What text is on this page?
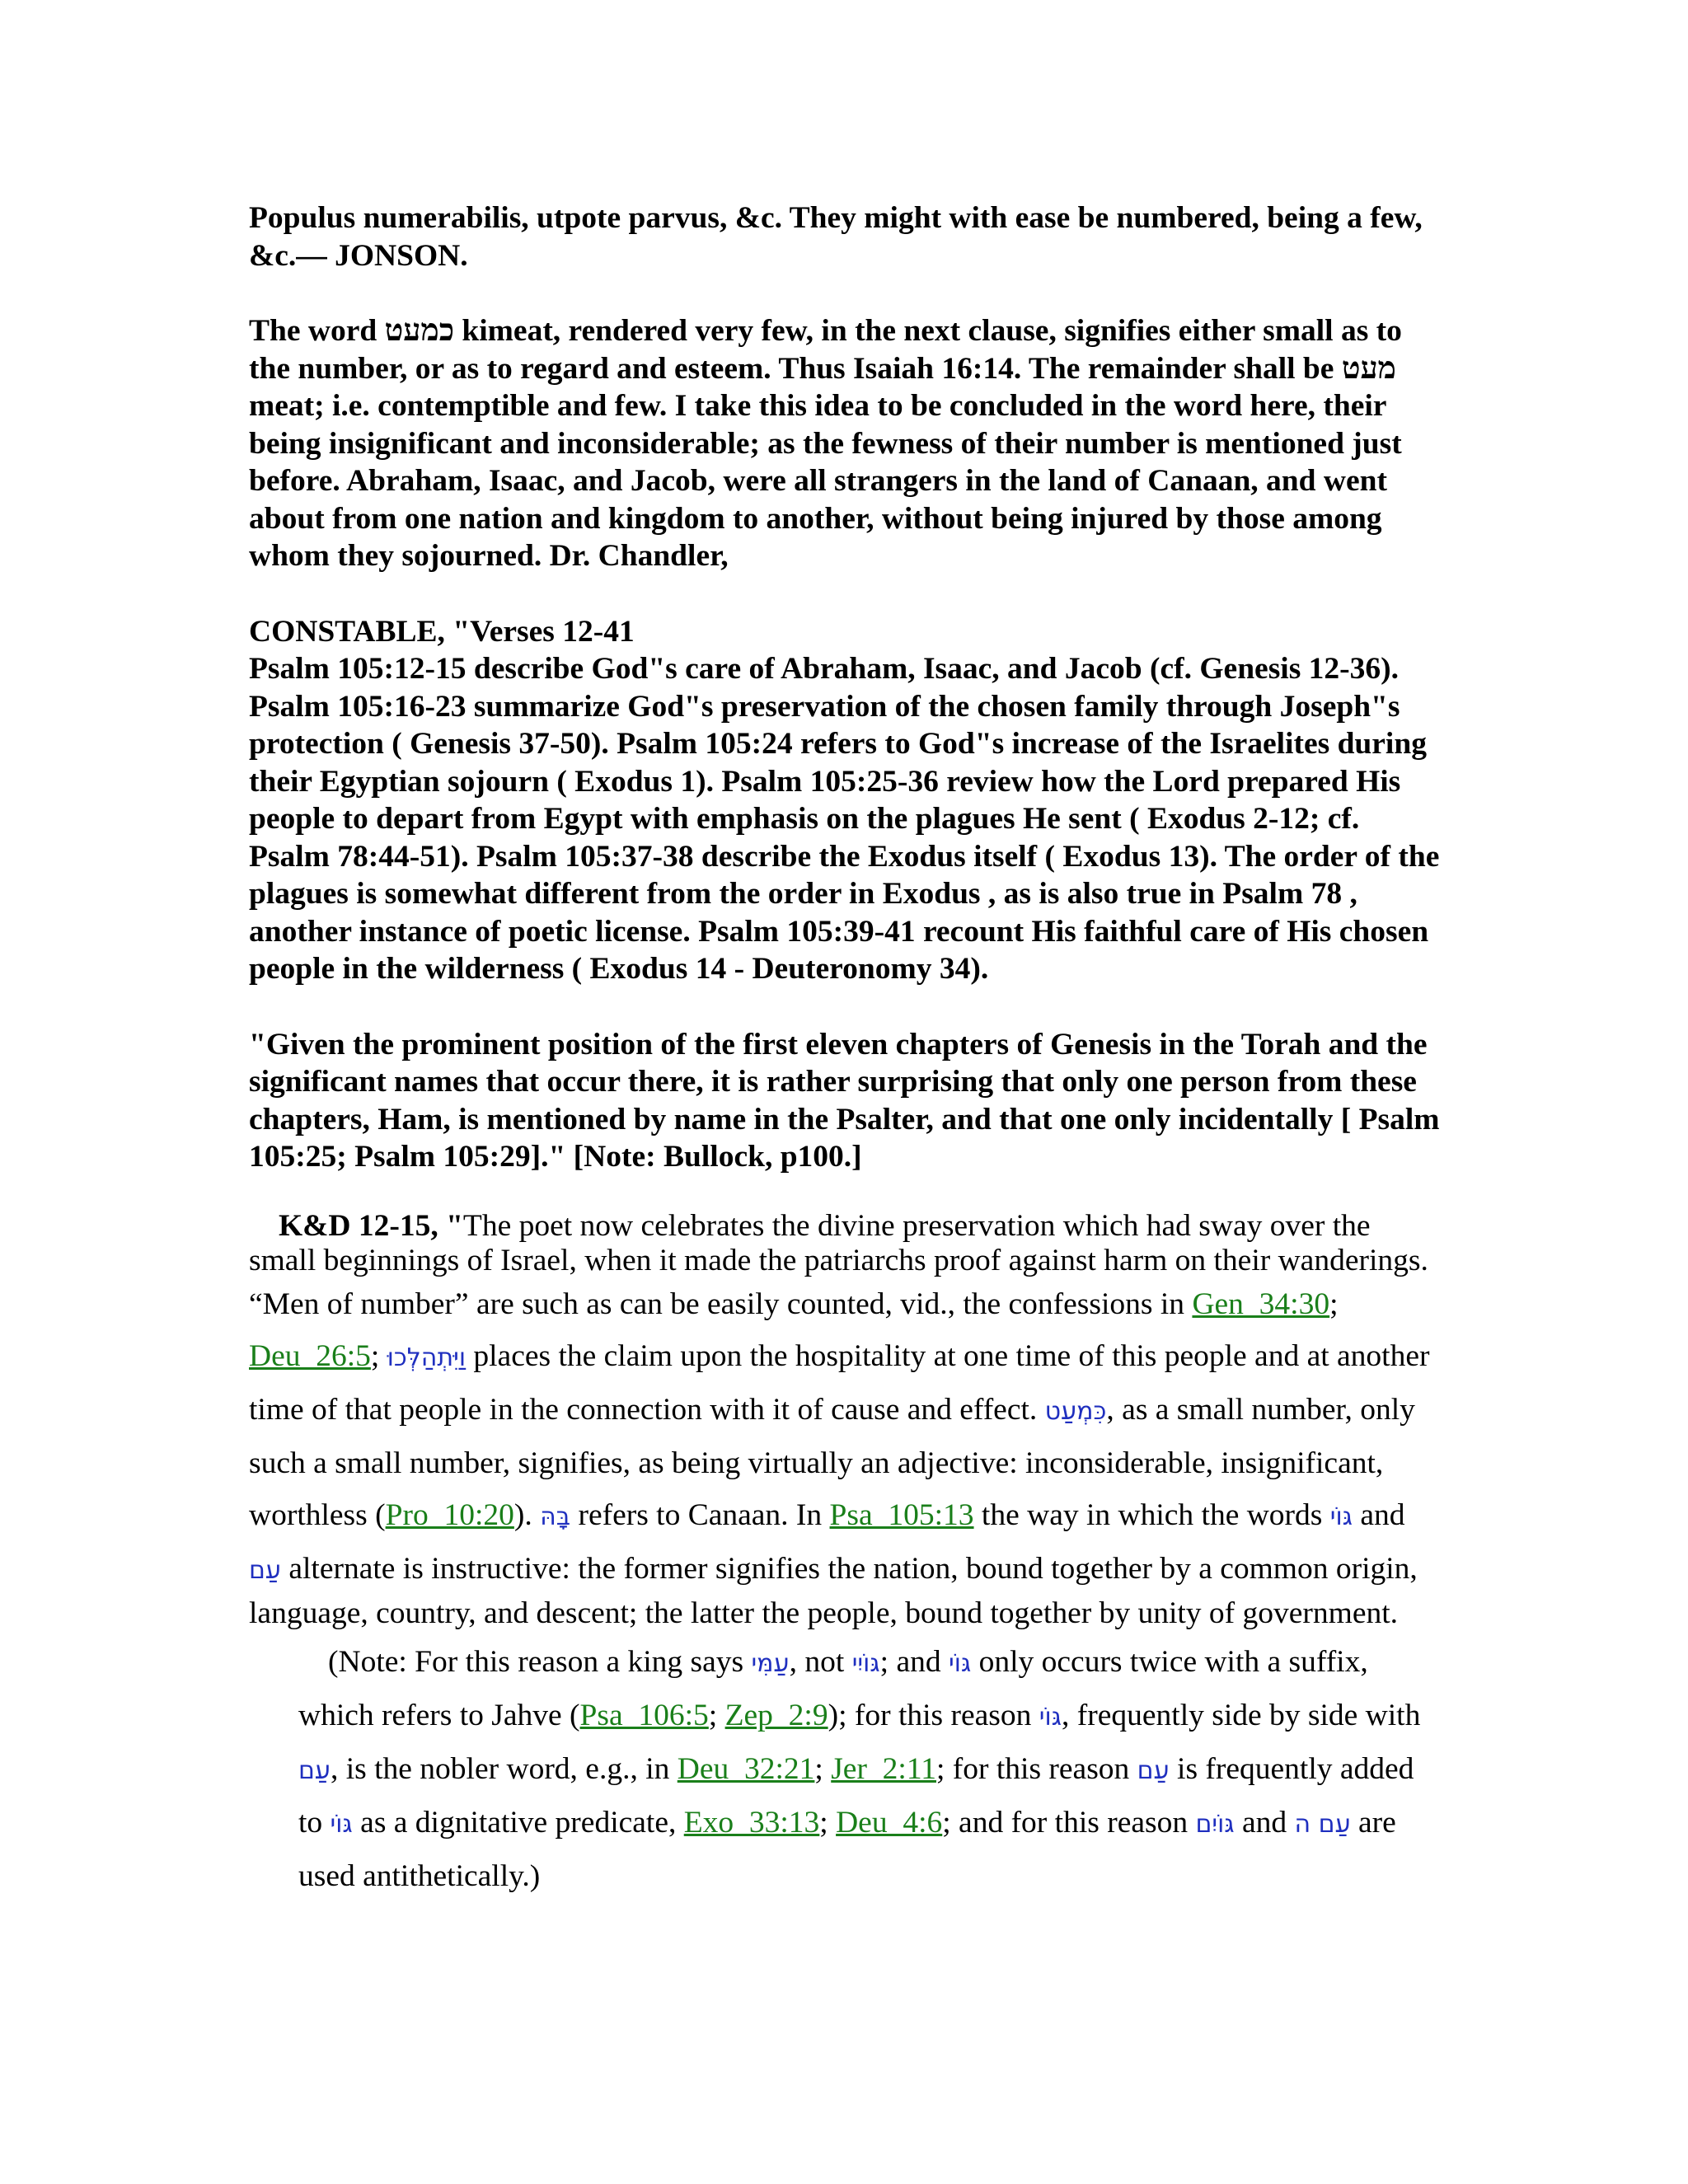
Populus numerabilis, utpote parvus, &c. They might with ease be numbered, being a few, &c.— JONSON.

The word כמעט kimeat, rendered very few, in the next clause, signifies either small as to the number, or as to regard and esteem. Thus Isaiah 16:14. The remainder shall be מעט meat; i.e. contemptible and few. I take this idea to be concluded in the word here, their being insignificant and inconsiderable; as the fewness of their number is mentioned just before. Abraham, Isaac, and Jacob, were all strangers in the land of Canaan, and went about from one nation and kingdom to another, without being injured by those among whom they sojourned. Dr. Chandler,

CONSTABLE, "Verses 12-41
Psalm 105:12-15 describe God"s care of Abraham, Isaac, and Jacob (cf. Genesis 12-36). Psalm 105:16-23 summarize God"s preservation of the chosen family through Joseph"s protection ( Genesis 37-50). Psalm 105:24 refers to God"s increase of the Israelites during their Egyptian sojourn ( Exodus 1). Psalm 105:25-36 review how the Lord prepared His people to depart from Egypt with emphasis on the plagues He sent ( Exodus 2-12; cf. Psalm 78:44-51). Psalm 105:37-38 describe the Exodus itself ( Exodus 13). The order of the plagues is somewhat different from the order in Exodus , as is also true in Psalm 78 , another instance of poetic license. Psalm 105:39-41 recount His faithful care of His chosen people in the wilderness ( Exodus 14 - Deuteronomy 34).

"Given the prominent position of the first eleven chapters of Genesis in the Torah and the significant names that occur there, it is rather surprising that only one person from these chapters, Ham, is mentioned by name in the Psalter, and that one only incidentally [ Psalm 105:25; Psalm 105:29]." [Note: Bullock, p100.]

K&D 12-15, "The poet now celebrates the divine preservation which had sway over the small beginnings of Israel, when it made the patriarchs proof against harm on their wanderings. “Men of number” are such as can be easily counted, vid., the confessions in Gen_34:30; Deu_26:5; וַיִּתְהַלְּכוּ places the claim upon the hospitality at one time of this people and at another time of that people in the connection with it of cause and effect. כִּמְעַט, as a small number, only such a small number, signifies, as being virtually an adjective: inconsiderable, insignificant, worthless (Pro_10:20). בָּהּ refers to Canaan. In Psa_105:13 the way in which the words גּוֹי and עַם alternate is instructive: the former signifies the nation, bound together by a common origin, language, country, and descent; the latter the people, bound together by unity of government.

(Note: For this reason a king says עַמִּי, not גּוֹיִי; and גּוֹי only occurs twice with a suffix, which refers to Jahve (Psa_106:5; Zep_2:9); for this reason גּוֹי, frequently side by side with עַם, is the nobler word, e.g., in Deu_32:21; Jer_2:11; for this reason עַם is frequently added to גּוֹי as a dignitative predicate, Exo_33:13; Deu_4:6; and for this reason גּוֹיִם and עַם ה are used antithetically.)
